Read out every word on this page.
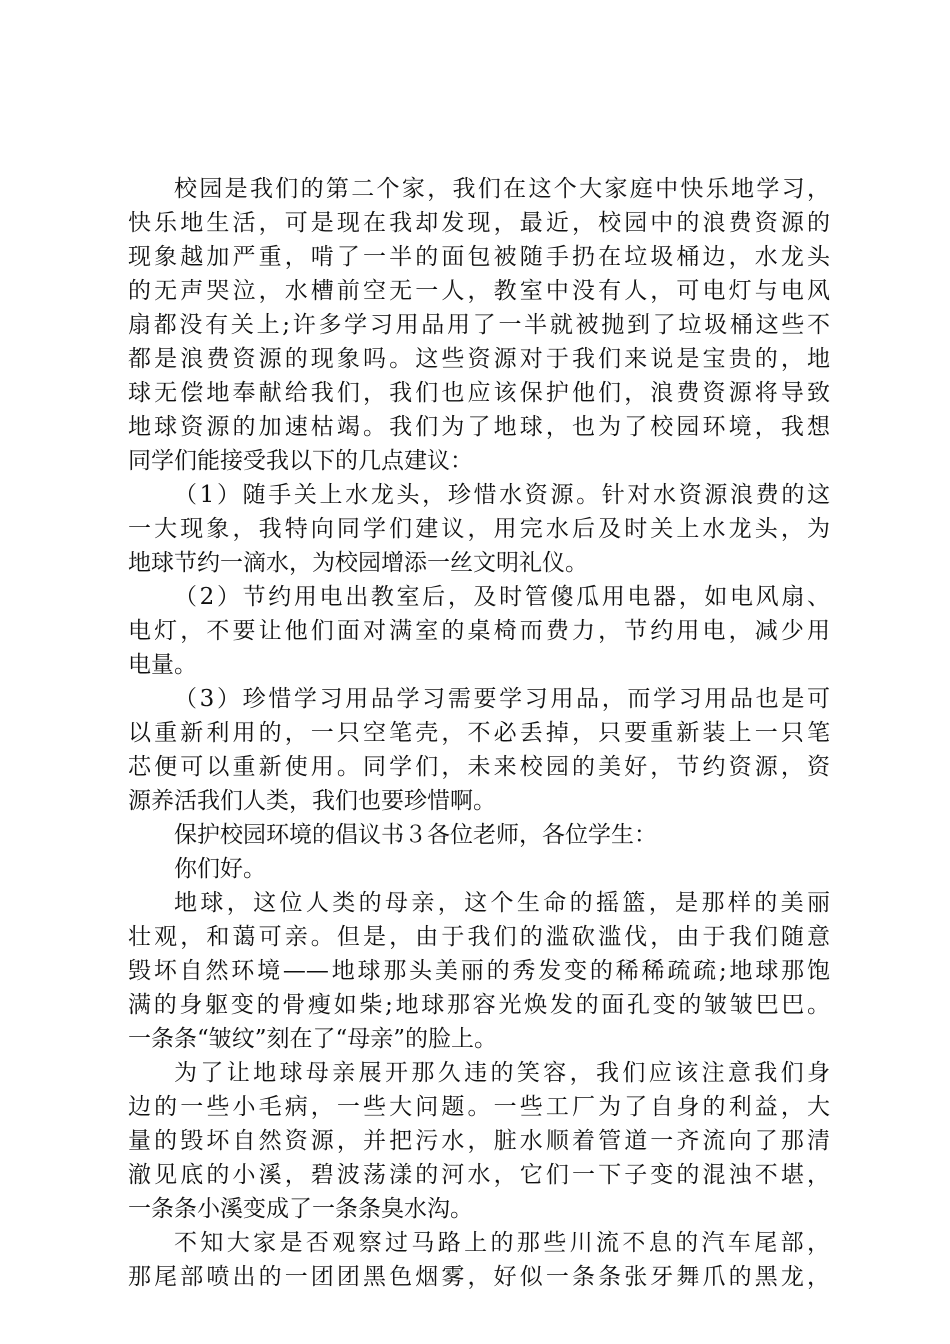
校园是我们的第二个家，我们在这个大家庭中快乐地学习，
快乐地生活，可是现在我却发现，最近，校园中的浪费资源的
现象越加严重，啃了一半的面包被随手扔在垃圾桶边，水龙头
的无声哭泣，水槽前空无一人，教室中没有人，可电灯与电风
扇都没有关上;许多学习用品用了一半就被抛到了垃圾桶这些不
都是浪费资源的现象吗。这些资源对于我们来说是宝贵的，地
球无偿地奉献给我们，我们也应该保护他们，浪费资源将导致
地球资源的加速枯竭。我们为了地球，也为了校园环境，我想
同学们能接受我以下的几点建议：
（1）随手关上水龙头，珍惜水资源。针对水资源浪费的这
一大现象，我特向同学们建议，用完水后及时关上水龙头，为
地球节约一滴水，为校园增添一丝文明礼仪。
（2）节约用电出教室后，及时管傻瓜用电器，如电风扇、
电灯，不要让他们面对满室的桌椅而费力，节约用电，减少用
电量。
（3）珍惜学习用品学习需要学习用品，而学习用品也是可
以重新利用的，一只空笔壳，不必丢掉，只要重新装上一只笔
芯便可以重新使用。同学们，未来校园的美好，节约资源，资
源养活我们人类，我们也要珍惜啊。
保护校园环境的倡议书３各位老师，各位学生：
你们好。
地球，这位人类的母亲，这个生命的摇篮，是那样的美丽
壮观，和蔼可亲。但是，由于我们的滥砍滥伐，由于我们随意
毁坏自然环境——地球那头美丽的秀发变的稀稀疏疏;地球那饱
满的身躯变的骨瘦如柴;地球那容光焕发的面孔变的皱皱巴巴。
一条条“皱纹”刻在了“母亲”的脸上。
为了让地球母亲展开那久违的笑容，我们应该注意我们身
边的一些小毛病，一些大问题。一些工厂为了自身的利益，大
量的毁坏自然资源，并把污水，脏水顺着管道一齐流向了那清
澈见底的小溪，碧波荡漾的河水，它们一下子变的混浊不堪，
一条条小溪变成了一条条臭水沟。
不知大家是否观察过马路上的那些川流不息的汽车尾部，
那尾部喷出的一团团黑色烟雾，好似一条条张牙舞爪的黑龙，
